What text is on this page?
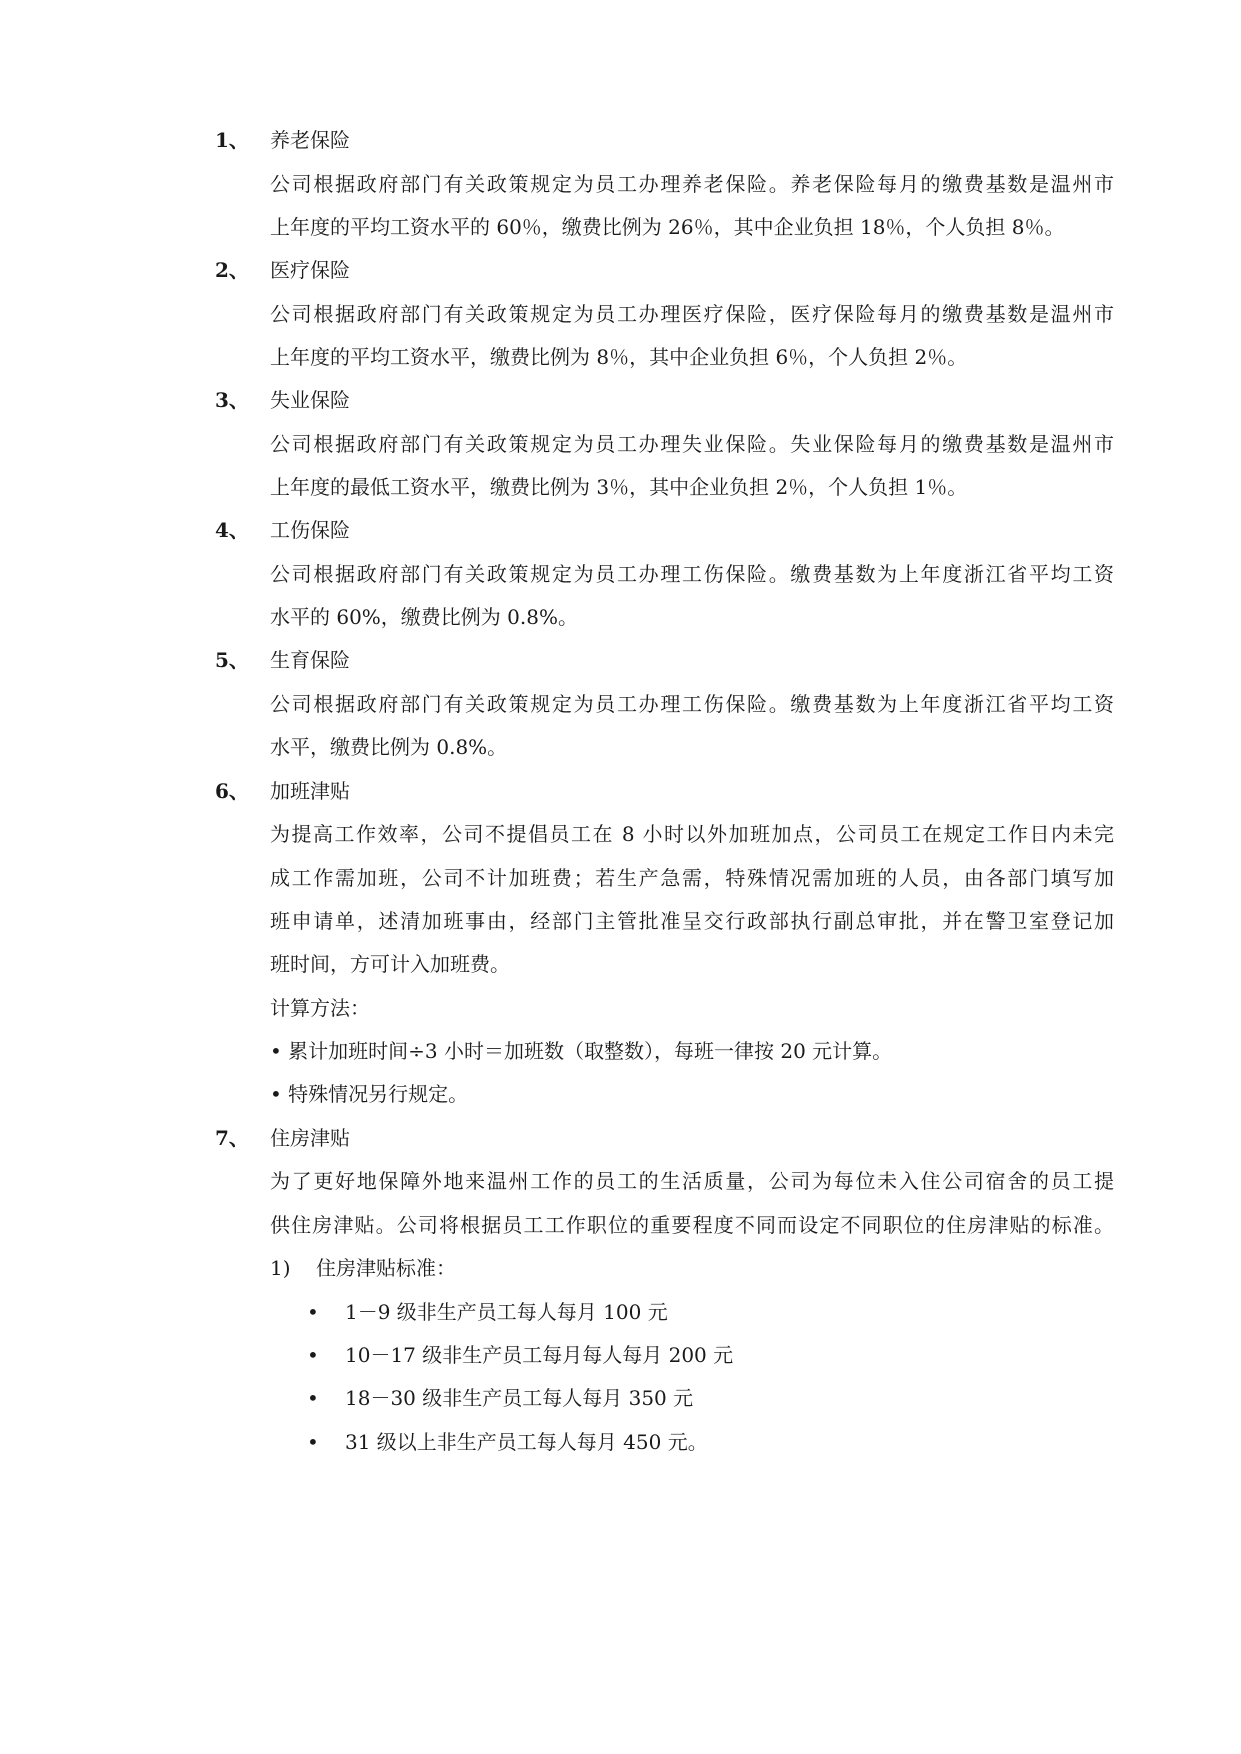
1、 养老保险
公司根据政府部门有关政策规定为员工办理养老保险。养老保险每月的缴费基数是温州市
上年度的平均工资水平的 60％，缴费比例为 26％，其中企业负担 18％，个人负担 8％。
2、 医疗保险
公司根据政府部门有关政策规定为员工办理医疗保险，医疗保险每月的缴费基数是温州市
上年度的平均工资水平，缴费比例为 8％，其中企业负担 6％，个人负担 2％。
3、 失业保险
公司根据政府部门有关政策规定为员工办理失业保险。失业保险每月的缴费基数是温州市
上年度的最低工资水平，缴费比例为 3％，其中企业负担 2％，个人负担 1％。
4、 工伤保险
公司根据政府部门有关政策规定为员工办理工伤保险。缴费基数为上年度浙江省平均工资
水平的 60%，缴费比例为 0.8%。
5、 生育保险
公司根据政府部门有关政策规定为员工办理工伤保险。缴费基数为上年度浙江省平均工资
水平，缴费比例为 0.8%。
6、 加班津贴
为提高工作效率，公司不提倡员工在 8 小时以外加班加点，公司员工在规定工作日内未完
成工作需加班，公司不计加班费；若生产急需，特殊情况需加班的人员，由各部门填写加
班申请单，述清加班事由，经部门主管批准呈交行政部执行副总审批，并在警卫室登记加
班时间，方可计入加班费。
计算方法：
• 累计加班时间÷3 小时＝加班数（取整数），每班一律按 20 元计算。
• 特殊情况另行规定。
7、 住房津贴
为了更好地保障外地来温州工作的员工的生活质量，公司为每位未入住公司宿舍的员工提
供住房津贴。公司将根据员工工作职位的重要程度不同而设定不同职位的住房津贴的标准。
1) 住房津贴标准：
• 1－9 级非生产员工每人每月 100 元
• 10－17 级非生产员工每月每人每月 200 元
• 18－30 级非生产员工每人每月 350 元
• 31 级以上非生产员工每人每月 450 元。
